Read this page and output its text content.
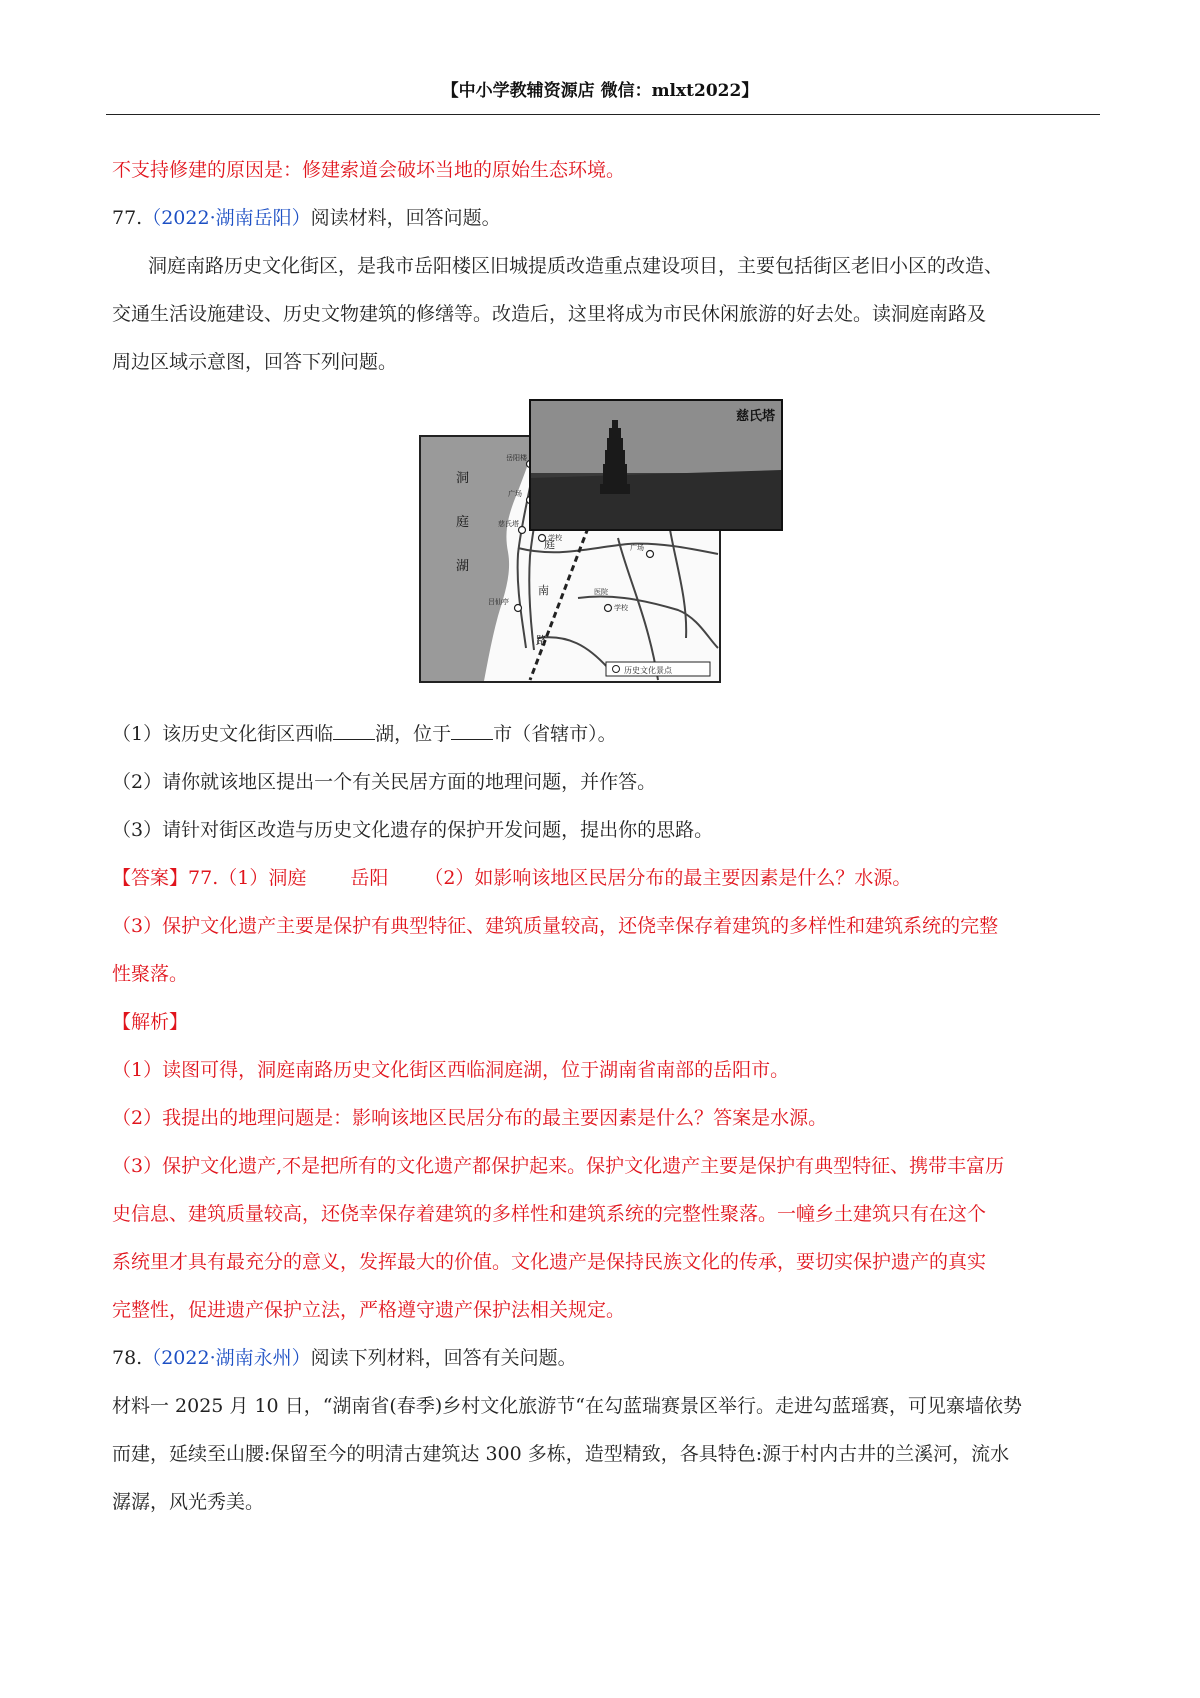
【中小学教辅资源店 微信：mlxt2022】
不支持修建的原因是：修建索道会破坏当地的原始生态环境。
77.（2022·湖南岳阳）阅读材料，回答问题。
洞庭南路历史文化街区，是我市岳阳楼区旧城提质改造重点建设项目，主要包括街区老旧小区的改造、
交通生活设施建设、历史文物建筑的修缮等。改造后，这里将成为市民休闲旅游的好去处。读洞庭南路及
周边区域示意图，回答下列问题。
岳阳楼
广场
慈氏塔
学校
广场
吕仙亭
学校
医院
洞
庭
湖
庭
南
路
历史文化景点
慈氏塔
（1）该历史文化街区西临 湖，位于 市（省辖市）。
（2）请你就该地区提出一个有关民居方面的地理问题，并作答。
（3）请针对街区改造与历史文化遗存的保护开发问题，提出你的思路。
【答案】77.（1）洞庭 岳阳 （2）如影响该地区民居分布的最主要因素是什么？水源。
（3）保护文化遗产主要是保护有典型特征、建筑质量较高，还侥幸保存着建筑的多样性和建筑系统的完整
性聚落。
【解析】
（1）读图可得，洞庭南路历史文化街区西临洞庭湖，位于湖南省南部的岳阳市。
（2）我提出的地理问题是：影响该地区民居分布的最主要因素是什么？答案是水源。
（3）保护文化遗产,不是把所有的文化遗产都保护起来。保护文化遗产主要是保护有典型特征、携带丰富历
史信息、建筑质量较高，还侥幸保存着建筑的多样性和建筑系统的完整性聚落。一幢乡土建筑只有在这个
系统里才具有最充分的意义，发挥最大的价值。文化遗产是保持民族文化的传承，要切实保护遗产的真实
完整性，促进遗产保护立法，严格遵守遗产保护法相关规定。
78.（2022·湖南永州）阅读下列材料，回答有关问题。
材料一 2025 月 10 日，“湖南省(春季)乡村文化旅游节“在勾蓝瑞赛景区举行。走进勾蓝瑶赛，可见寨墙依势
而建，延续至山腰:保留至今的明清古建筑达 300 多栋，造型精致，各具特色:源于村内古井的兰溪河，流水
潺潺，风光秀美。
